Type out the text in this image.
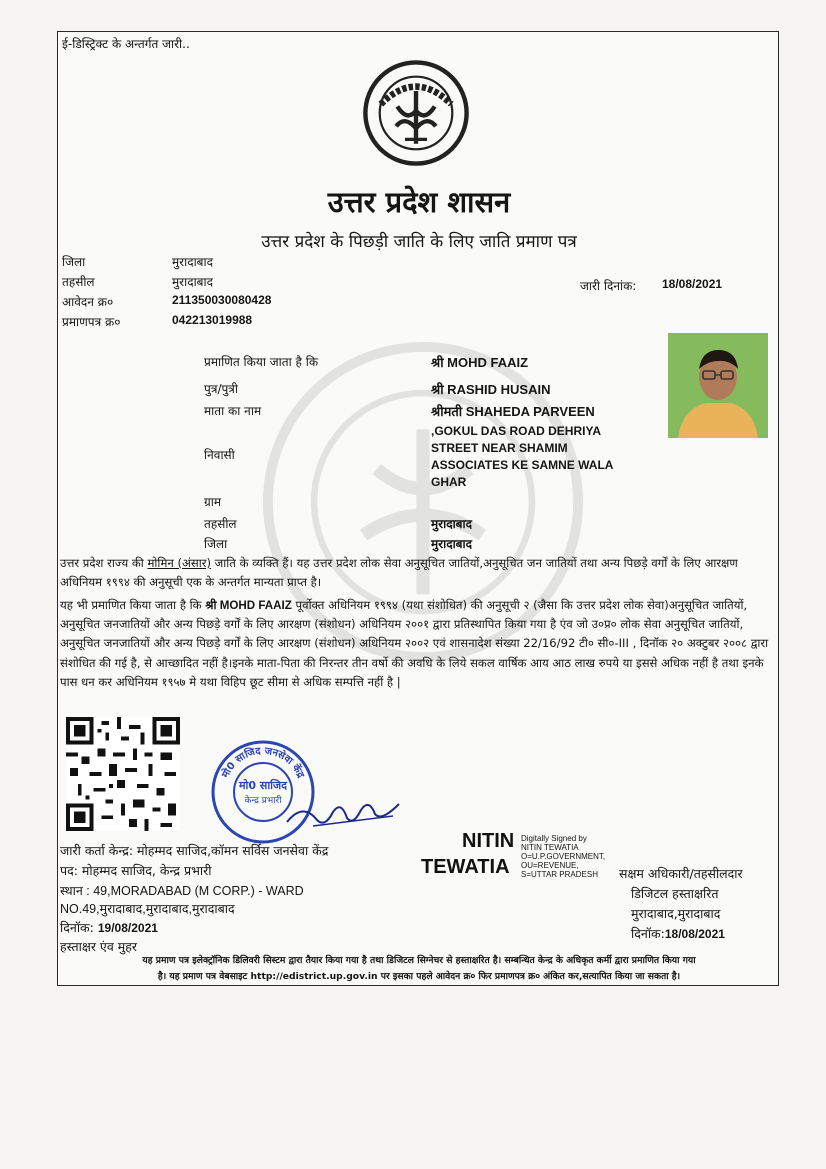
ई-डिस्ट्रिक्ट के अन्तर्गत जारी..
उत्तर प्रदेश शासन
उत्तर प्रदेश के पिछड़ी जाति के लिए जाति प्रमाण पत्र
जिला	मुरादाबाद
तहसील	मुरादाबाद
आवेदन क्र०	211350030080428
प्रमाणपत्र क्र०	042213019988
जारी दिनांक: 18/08/2021
प्रमाणित किया जाता है कि	श्री MOHD FAAIZ
पुत्र/पुत्री	श्री RASHID HUSAIN
माता का नाम	श्रीमती SHAHEDA PARVEEN
निवासी
,GOKUL DAS ROAD DEHRIYA
STREET NEAR SHAMIM
ASSOCIATES KE SAMNE WALA
GHAR
ग्राम
तहसील	मुरादाबाद
जिला	मुरादाबाद
उत्तर प्रदेश राज्य की मोमिन (अंसार) जाति के व्यक्ति हैं। यह उत्तर प्रदेश लोक सेवा अनुसूचित जातियों,अनुसूचित जन जातियों तथा अन्य पिछड़े वर्गों के लिए आरक्षण अधिनियम १९९४ की अनुसूची एक के अन्तर्गत मान्यता प्राप्त है।
यह भी प्रमाणित किया जाता है कि श्री MOHD FAAIZ पूर्वोक्त अधिनियम १९९४ (यथा संशोधित) की अनुसूची २ (जैसा कि उत्तर प्रदेश लोक सेवा)अनुसूचित जातियों, अनुसूचित जनजातियों और अन्य पिछड़े वर्गों के लिए आरक्षण (संशोधन) अधिनियम २००१ द्वारा प्रतिस्थापित किया गया है एंव जो उ०प्र० लोक सेवा अनुसूचित जातियों, अनुसूचित जनजातियों और अन्य पिछड़े वर्गों के लिए आरक्षण (संशोधन) अधिनियम २००२ एवं शासनादेश संख्या 22/16/92 टी० सी०-III , दिनॉक २० अक्टुबर २००८ द्वारा संशोधित की गई है, से आच्छादित नहीं है।इनके माता-पिता की निरन्तर तीन वर्षो की अवधि के लिये सकल वार्षिक आय आठ लाख रुपये या इससे अधिक नहीं है तथा इनके पास धन कर अधिनियम १९५७ मे यथा विहिप छूट सीमा से अधिक सम्पत्ति नहीं है |
मो0 साजिद जनसेवा केंद्र
मो0 साजिद
केन्द्र प्रभारी
जारी कर्ता केन्द्र: मोहम्मद साजिद,कॉमन सर्विस जनसेवा केंद्र
पद: मोहम्मद साजिद, केन्द्र प्रभारी
स्थान : 49,MORADABAD (M CORP.) - WARD
NO.49,मुरादाबाद,मुरादाबाद,मुरादाबाद
दिनॉक: 19/08/2021
हस्ताक्षर एंव मुहर
NITIN
TEWATIA
Digitally Signed by
NITIN TEWATIA
O=U.P.GOVERNMENT,
OU=REVENUE,
S=UTTAR PRADESH	सक्षम अधिकारी/तहसीलदार
डिजिटल हस्ताक्षरित
मुरादाबाद,मुरादाबाद
दिनॉक:18/08/2021
यह प्रमाण पत्र इलेक्ट्रॉनिक डिलिवरी सिस्टम द्वारा तैयार किया गया है तथा डिजिटल सिग्नेचर से हस्ताक्षरित है। सम्बन्धित केन्द्र के अधिकृत कर्मी द्वारा प्रमाणित किया गया
है। यह प्रमाण पत्र वेबसाइट http://edistrict.up.gov.in पर इसका पहले आवेदन क्र० फिर प्रमाणपत्र क्र० अंकित कर,सत्यापित किया जा सकता है।
